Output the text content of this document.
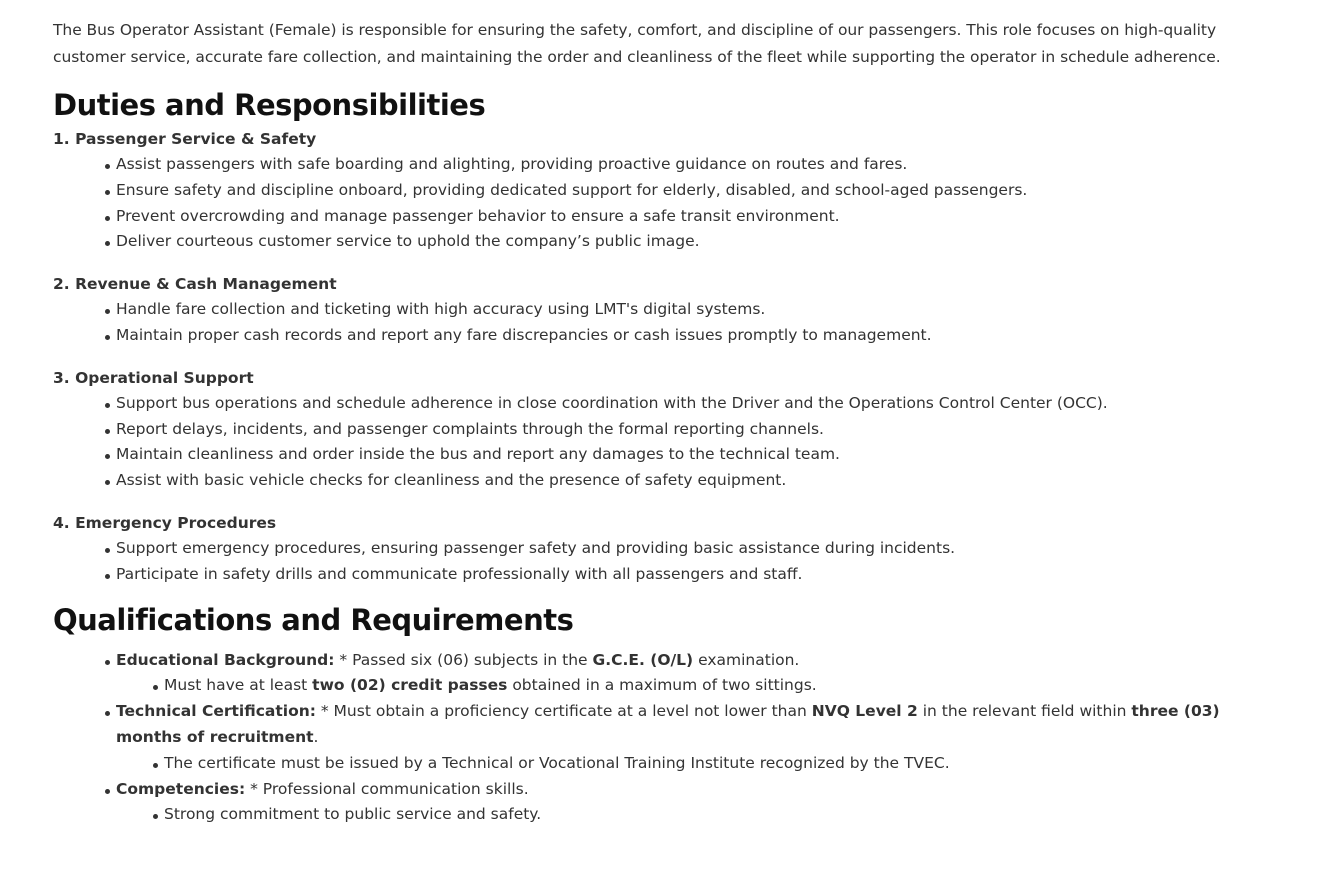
The Bus Operator Assistant (Female) is responsible for ensuring the safety, comfort, and discipline of our passengers. This role focuses on high-quality customer service, accurate fare collection, and maintaining the order and cleanliness of the fleet while supporting the operator in schedule adherence.

Duties and Responsibilities

1. Passenger Service & Safety

Assist passengers with safe boarding and alighting, providing proactive guidance on routes and fares.
Ensure safety and discipline onboard, providing dedicated support for elderly, disabled, and school-aged passengers.
Prevent overcrowding and manage passenger behavior to ensure a safe transit environment.
Deliver courteous customer service to uphold the company’s public image.

2. Revenue & Cash Management

Handle fare collection and ticketing with high accuracy using LMT's digital systems.
Maintain proper cash records and report any fare discrepancies or cash issues promptly to management.

3. Operational Support

Support bus operations and schedule adherence in close coordination with the Driver and the Operations Control Center (OCC).
Report delays, incidents, and passenger complaints through the formal reporting channels.
Maintain cleanliness and order inside the bus and report any damages to the technical team.
Assist with basic vehicle checks for cleanliness and the presence of safety equipment.

4. Emergency Procedures

Support emergency procedures, ensuring passenger safety and providing basic assistance during incidents.
Participate in safety drills and communicate professionally with all passengers and staff.
Qualifications and Requirements
Educational Background: * Passed six (06) subjects in the G.C.E. (O/L) examination.
Must have at least two (02) credit passes obtained in a maximum of two sittings.
Technical Certification: * Must obtain a proficiency certificate at a level not lower than NVQ Level 2 in the relevant field within three (03) months of recruitment.
The certificate must be issued by a Technical or Vocational Training Institute recognized by the TVEC.
Competencies: * Professional communication skills.
Strong commitment to public service and safety.
